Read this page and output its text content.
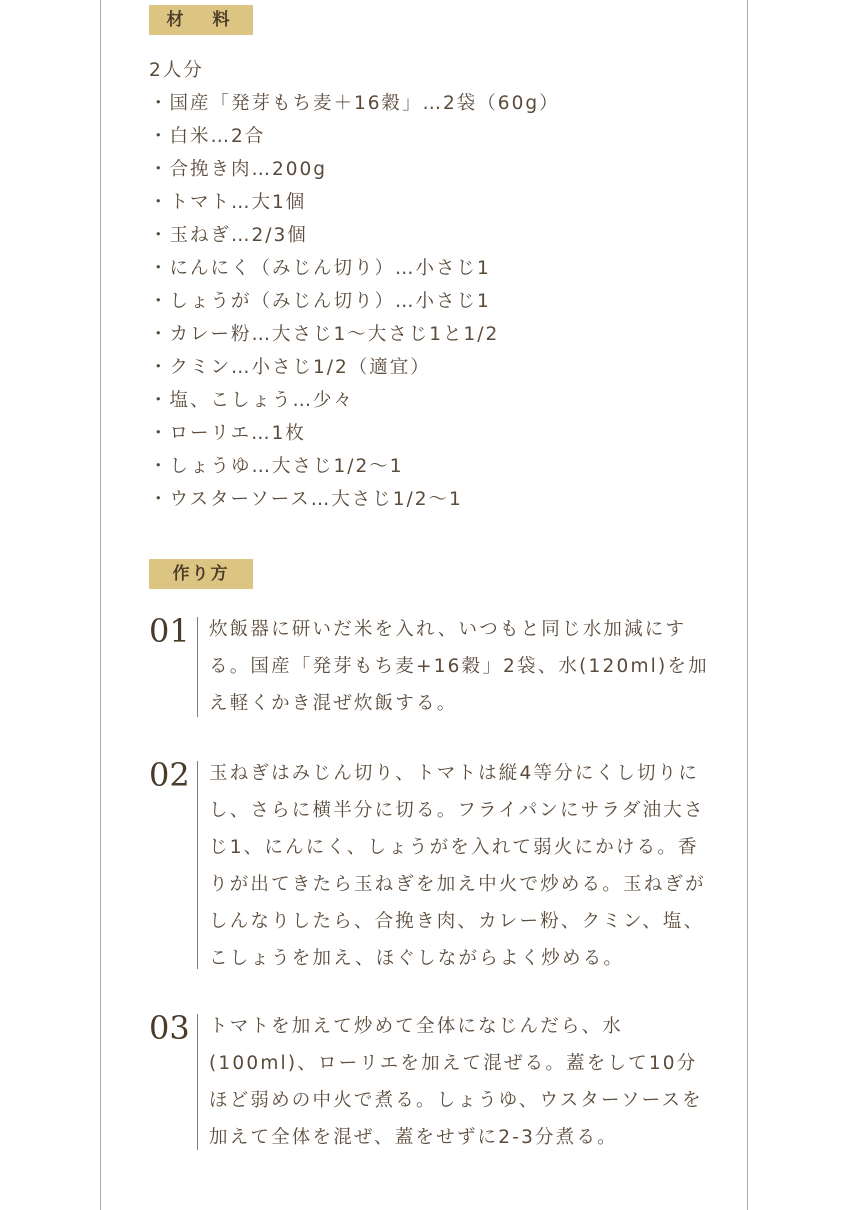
材　料
2人分
・国産「発芽もち麦＋16穀」…2袋（60g）
・白米…2合
・合挽き肉…200g
・トマト…大1個
・玉ねぎ…2/3個
・にんにく（みじん切り）…小さじ1
・しょうが（みじん切り）…小さじ1
・カレー粉…大さじ1～大さじ1と1/2
・クミン…小さじ1/2（適宜）
・塩、こしょう…少々
・ローリエ…1枚
・しょうゆ…大さじ1/2～1
・ウスターソース…大さじ1/2～1
作り方
01 炊飯器に研いだ米を入れ、いつもと同じ水加減にする。国産「発芽もち麦+16穀」2袋、水(120ml)を加え軽くかき混ぜ炊飯する。

02 玉ねぎはみじん切り、トマトは縦4等分にくし切りにし、さらに横半分に切る。フライパンにサラダ油大さじ1、にんにく、しょうがを入れて弱火にかける。香りが出てきたら玉ねぎを加え中火で炒める。玉ねぎがしんなりしたら、合挽き肉、カレー粉、クミン、塩、こしょうを加え、ほぐしながらよく炒める。

03 トマトを加えて炒めて全体になじんだら、水(100ml)、ローリエを加えて混ぜる。蓋をして10分ほど弱めの中火で煮る。しょうゆ、ウスターソースを加えて全体を混ぜ、蓋をせずに2-3分煮る。
